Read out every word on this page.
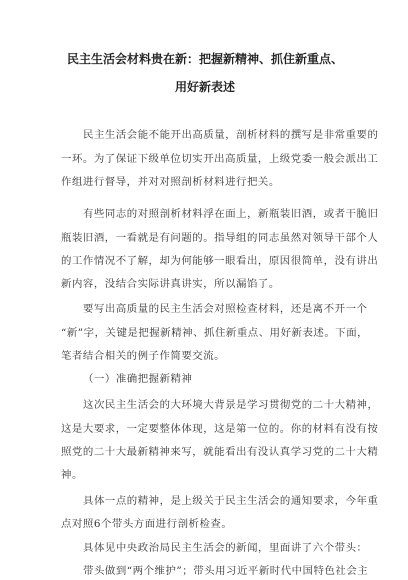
民主生活会材料贵在新：把握新精神、抓住新重点、
用好新表述
民主生活会能不能开出高质量，剖析材料的撰写是非常重要的
一环。为了保证下级单位切实开出高质量，上级党委一般会派出工
作组进行督导，并对对照剖析材料进行把关。
有些同志的对照剖析材料浮在面上，新瓶装旧酒，或者干脆旧
瓶装旧酒，一看就是有问题的。指导组的同志虽然对领导干部个人
的工作情况不了解，却为何能够一眼看出，原因很简单，没有讲出
新内容，没结合实际讲真讲实，所以漏馅了。
要写出高质量的民主生活会对照检查材料，还是离不开一个
“新”字，关键是把握新精神、抓住新重点、用好新表述。下面，
笔者结合相关的例子作简要交流。
（一）准确把握新精神
这次民主生活会的大环境大背景是学习贯彻党的二十大精神，
这是大要求，一定要整体体现，这是第一位的。你的材料有没有按
照党的二十大最新精神来写，就能看出有没认真学习党的二十大精
神。
具体一点的精神，是上级关于民主生活会的通知要求，今年重
点对照6个带头方面进行剖析检查。
具体见中央政治局民主生活会的新闻，里面讲了六个带头：
带头做到“两个维护”；带头用习近平新时代中国特色社会主
